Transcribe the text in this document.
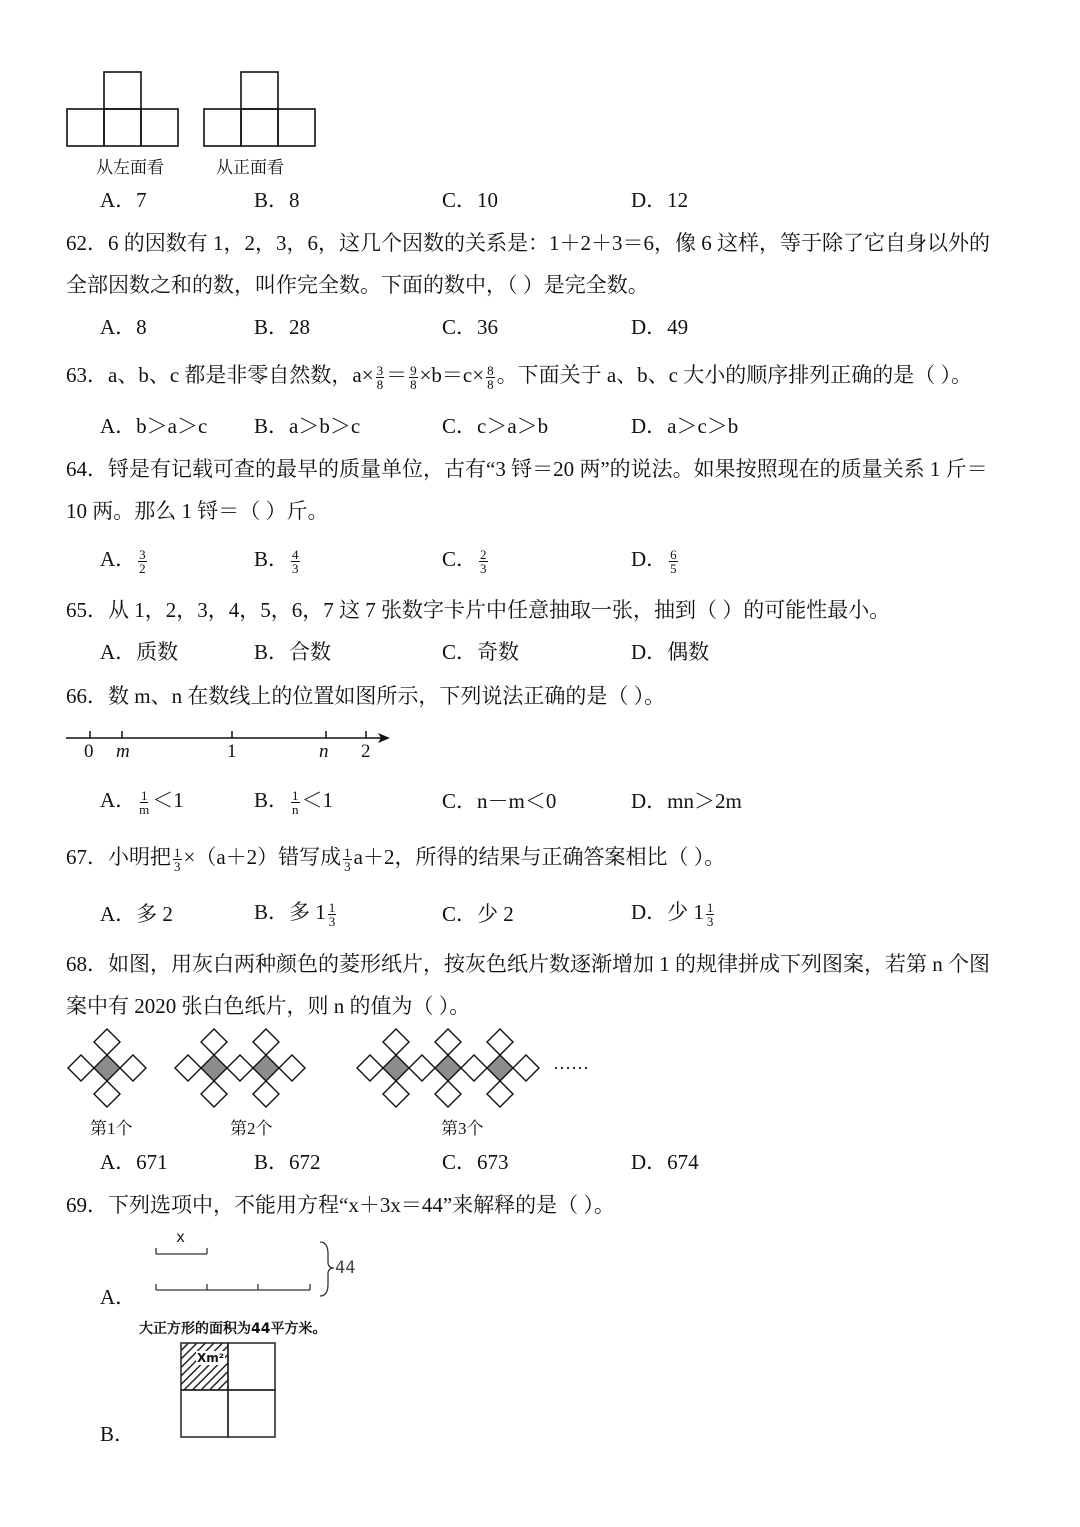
从左面看	从正面看
A．7	B．8	C．10	D．12
62．6 的因数有 1，2，3，6，这几个因数的关系是：1＋2＋3＝6，像 6 这样，等于除了它自身以外的
全部因数之和的数，叫作完全数。下面的数中，（ ）是完全数。
A．8	B．28	C．36	D．49
63．a、b、c 都是非零自然数，$a\times \frac{3}{8} = \frac{9}{8} \times b=c\times \frac{8}{8}$ 。下面关于 a、b、c 大小的顺序排列正确的是（ ）。
A．b＞a＞c B．a＞b＞c	C．c＞a＞b	D．a＞c＞b
64．锊是有记载可查的最早的质量单位，古有“3 锊＝20 两”的说法。如果按照现在的质量关系 1 斤＝
10 两。那么 1 锊＝（ ）斤。
A． $\frac{3}{2}$	B． $\frac{4}{3}$	C． $\frac{2}{3}$	D． $\frac{6}{5}$
65．从 1，2，3，4，5，6，7 这 7 张数字卡片中任意抽取一张，抽到（ ）的可能性最小。
A．质数	B．合数	C．奇数	D．偶数
66．数 m、n 在数线上的位置如图所示，下列说法正确的是（ ）。
0 m	1	n 2
A． $\frac{1}{m} <1$	B． $\frac{1}{n} <1$	C．n－m＜0	D．mn＞2m
67．小明把 $\frac{1}{3} \times(a+2)$错写成 $\frac{1}{3} a+2$，所得的结果与正确答案相比（ ）。
A．多 2	B．多 $1 \frac{1}{3}$	C．少 2	D．少 $1 \frac{1}{3}$
68．如图，用灰白两种颜色的菱形纸片，按灰色纸片数逐渐增加 1 的规律拼成下列图案，若第 n 个图
案中有 2020 张白色纸片，则 n 的值为（ ）。
第1个	第2个	第3个
……
A．671	B．672	C．673	D．674
69．下列选项中，不能用方程“x＋3x＝44”来解释的是（ ）。
x
44
A．
大正方形的面积为44平方米。
Xm²
B．
